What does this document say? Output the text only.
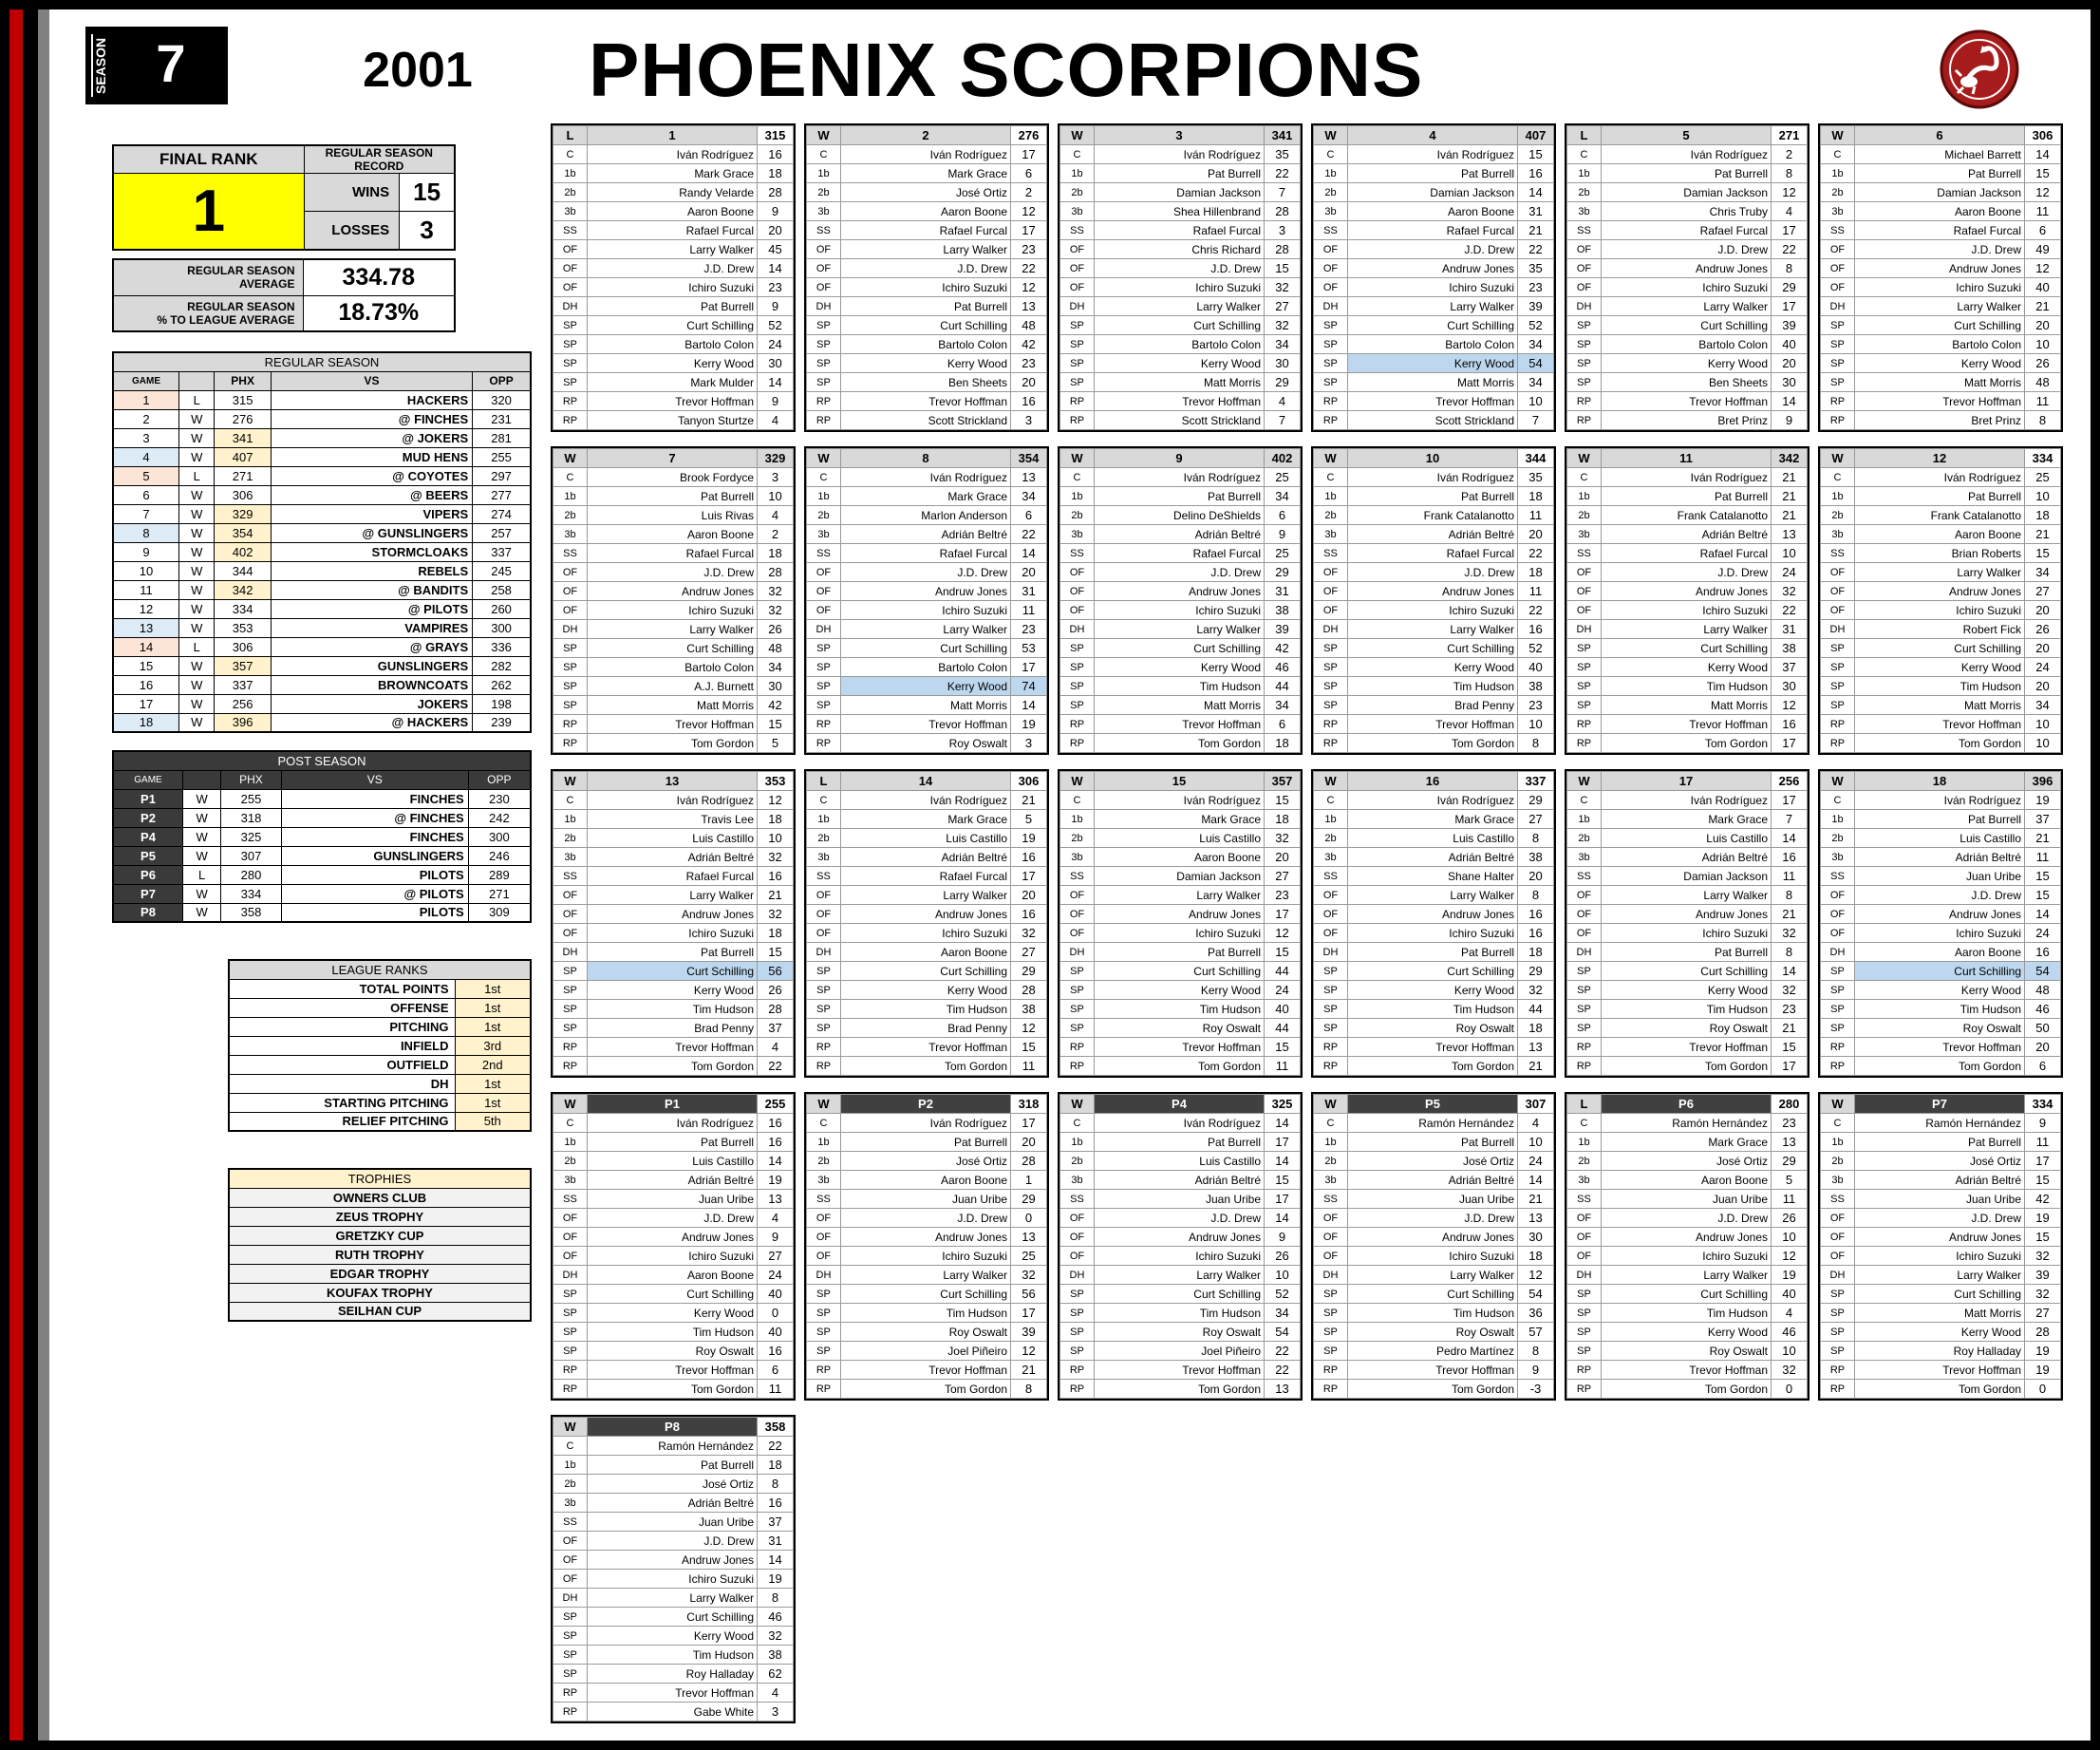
SEASON 7	2001	PHOENIX SCORPIONS
FINAL RANK	REGULAR SEASON RECORD	
1	WINS	15
	LOSSES	3
REGULAR SEASON
AVERAGE	334.78
REGULAR SEASON
% TO LEAGUE AVERAGE	18.73%
REGULAR SEASON				
GAME		PHX	VS	OPP
1	L	315	HACKERS	320
2	W	276	@ FINCHES	231
3	W	341	@ JOKERS	281
4	W	407	MUD HENS	255
5	L	271	@ COYOTES	297
6	W	306	@ BEERS	277
7	W	329	VIPERS	274
8	W	354	@ GUNSLINGERS	257
9	W	402	STORMCLOAKS	337
10	W	344	REBELS	245
11	W	342	@ BANDITS	258
12	W	334	@ PILOTS	260
13	W	353	VAMPIRES	300
14	L	306	@ GRAYS	336
15	W	357	GUNSLINGERS	282
16	W	337	BROWNCOATS	262
17	W	256	JOKERS	198
18	W	396	@ HACKERS	239
POST SEASON				
GAME		PHX	VS	OPP
P1	W	255	FINCHES	230
P2	W	318	@ FINCHES	242
P4	W	325	FINCHES	300
P5	W	307	GUNSLINGERS	246
P6	L	280	PILOTS	289
P7	W	334	@ PILOTS	271
P8	W	358	PILOTS	309
LEAGUE RANKS	
TOTAL POINTS	1st
OFFENSE	1st
PITCHING	1st
INFIELD	3rd
OUTFIELD	2nd
DH	1st
STARTING PITCHING	1st
RELIEF PITCHING	5th
TROPHIES
OWNERS CLUB
ZEUS TROPHY
GRETZKY CUP
RUTH TROPHY
EDGAR TROPHY
KOUFAX TROPHY
SEILHAN CUP
L	1	315
C	Iván Rodríguez	16
1b	Mark Grace	18
2b	Randy Velarde	28
3b	Aaron Boone	9
SS	Rafael Furcal	20
OF	Larry Walker	45
OF	J.D. Drew	14
OF	Ichiro Suzuki	23
DH	Pat Burrell	9
SP	Curt Schilling	52
SP	Bartolo Colon	24
SP	Kerry Wood	30
SP	Mark Mulder	14
RP	Trevor Hoffman	9
RP	Tanyon Sturtze	4
W	2	276
C	Iván Rodríguez	17
1b	Mark Grace	6
2b	José Ortiz	2
3b	Aaron Boone	12
SS	Rafael Furcal	17
OF	Larry Walker	23
OF	J.D. Drew	22
OF	Ichiro Suzuki	12
DH	Pat Burrell	13
SP	Curt Schilling	48
SP	Bartolo Colon	42
SP	Kerry Wood	23
SP	Ben Sheets	20
RP	Trevor Hoffman	16
RP	Scott Strickland	3
W	3	341
C	Iván Rodríguez	35
1b	Pat Burrell	22
2b	Damian Jackson	7
3b	Shea Hillenbrand	28
SS	Rafael Furcal	3
OF	Chris Richard	28
OF	J.D. Drew	15
OF	Ichiro Suzuki	32
DH	Larry Walker	27
SP	Curt Schilling	32
SP	Bartolo Colon	34
SP	Kerry Wood	30
SP	Matt Morris	29
RP	Trevor Hoffman	4
RP	Scott Strickland	7
W	4	407
C	Iván Rodríguez	15
1b	Pat Burrell	16
2b	Damian Jackson	14
3b	Aaron Boone	31
SS	Rafael Furcal	21
OF	J.D. Drew	22
OF	Andruw Jones	35
OF	Ichiro Suzuki	23
DH	Larry Walker	39
SP	Curt Schilling	52
SP	Bartolo Colon	34
SP	Kerry Wood	54
SP	Matt Morris	34
RP	Trevor Hoffman	10
RP	Scott Strickland	7
L	5	271
C	Iván Rodríguez	2
1b	Pat Burrell	8
2b	Damian Jackson	12
3b	Chris Truby	4
SS	Rafael Furcal	17
OF	J.D. Drew	22
OF	Andruw Jones	8
OF	Ichiro Suzuki	29
DH	Larry Walker	17
SP	Curt Schilling	39
SP	Bartolo Colon	40
SP	Kerry Wood	20
SP	Ben Sheets	30
RP	Trevor Hoffman	14
RP	Bret Prinz	9
W	6	306
C	Michael Barrett	14
1b	Pat Burrell	15
2b	Damian Jackson	12
3b	Aaron Boone	11
SS	Rafael Furcal	6
OF	J.D. Drew	49
OF	Andruw Jones	12
OF	Ichiro Suzuki	40
DH	Larry Walker	21
SP	Curt Schilling	20
SP	Bartolo Colon	10
SP	Kerry Wood	26
SP	Matt Morris	48
RP	Trevor Hoffman	11
RP	Bret Prinz	8
W	7	329
C	Brook Fordyce	3
1b	Pat Burrell	10
2b	Luis Rivas	4
3b	Aaron Boone	2
SS	Rafael Furcal	18
OF	J.D. Drew	28
OF	Andruw Jones	32
OF	Ichiro Suzuki	32
DH	Larry Walker	26
SP	Curt Schilling	48
SP	Bartolo Colon	34
SP	A.J. Burnett	30
SP	Matt Morris	42
RP	Trevor Hoffman	15
RP	Tom Gordon	5
W	8	354
C	Iván Rodríguez	13
1b	Mark Grace	34
2b	Marlon Anderson	6
3b	Adrián Beltré	22
SS	Rafael Furcal	14
OF	J.D. Drew	20
OF	Andruw Jones	31
OF	Ichiro Suzuki	11
DH	Larry Walker	23
SP	Curt Schilling	53
SP	Bartolo Colon	17
SP	Kerry Wood	74
SP	Matt Morris	14
RP	Trevor Hoffman	19
RP	Roy Oswalt	3
W	9	402
C	Iván Rodríguez	25
1b	Pat Burrell	34
2b	Delino DeShields	6
3b	Adrián Beltré	9
SS	Rafael Furcal	25
OF	J.D. Drew	29
OF	Andruw Jones	31
OF	Ichiro Suzuki	38
DH	Larry Walker	39
SP	Curt Schilling	42
SP	Kerry Wood	46
SP	Tim Hudson	44
SP	Matt Morris	34
RP	Trevor Hoffman	6
RP	Tom Gordon	18
W	10	344
C	Iván Rodríguez	35
1b	Pat Burrell	18
2b	Frank Catalanotto	11
3b	Adrián Beltré	20
SS	Rafael Furcal	22
OF	J.D. Drew	18
OF	Andruw Jones	11
OF	Ichiro Suzuki	22
DH	Larry Walker	16
SP	Curt Schilling	52
SP	Kerry Wood	40
SP	Tim Hudson	38
SP	Brad Penny	23
RP	Trevor Hoffman	10
RP	Tom Gordon	8
W	11	342
C	Iván Rodríguez	21
1b	Pat Burrell	21
2b	Frank Catalanotto	21
3b	Adrián Beltré	13
SS	Rafael Furcal	10
OF	J.D. Drew	24
OF	Andruw Jones	32
OF	Ichiro Suzuki	22
DH	Larry Walker	31
SP	Curt Schilling	38
SP	Kerry Wood	37
SP	Tim Hudson	30
SP	Matt Morris	12
RP	Trevor Hoffman	16
RP	Tom Gordon	17
W	12	334
C	Iván Rodríguez	25
1b	Pat Burrell	10
2b	Frank Catalanotto	18
3b	Aaron Boone	21
SS	Brian Roberts	15
OF	Larry Walker	34
OF	Andruw Jones	27
OF	Ichiro Suzuki	20
DH	Robert Fick	26
SP	Curt Schilling	20
SP	Kerry Wood	24
SP	Tim Hudson	20
SP	Matt Morris	34
RP	Trevor Hoffman	10
RP	Tom Gordon	10
W	13	353
C	Iván Rodríguez	12
1b	Travis Lee	18
2b	Luis Castillo	10
3b	Adrián Beltré	32
SS	Rafael Furcal	16
OF	Larry Walker	21
OF	Andruw Jones	32
OF	Ichiro Suzuki	18
DH	Pat Burrell	15
SP	Curt Schilling	56
SP	Kerry Wood	26
SP	Tim Hudson	28
SP	Brad Penny	37
RP	Trevor Hoffman	4
RP	Tom Gordon	22
L	14	306
C	Iván Rodríguez	21
1b	Mark Grace	5
2b	Luis Castillo	19
3b	Adrián Beltré	16
SS	Rafael Furcal	17
OF	Larry Walker	20
OF	Andruw Jones	16
OF	Ichiro Suzuki	32
DH	Aaron Boone	27
SP	Curt Schilling	29
SP	Kerry Wood	28
SP	Tim Hudson	38
SP	Brad Penny	12
RP	Trevor Hoffman	15
RP	Tom Gordon	11
W	15	357
C	Iván Rodríguez	15
1b	Mark Grace	18
2b	Luis Castillo	32
3b	Aaron Boone	20
SS	Damian Jackson	27
OF	Larry Walker	23
OF	Andruw Jones	17
OF	Ichiro Suzuki	12
DH	Pat Burrell	15
SP	Curt Schilling	44
SP	Kerry Wood	24
SP	Tim Hudson	40
SP	Roy Oswalt	44
RP	Trevor Hoffman	15
RP	Tom Gordon	11
W	16	337
C	Iván Rodríguez	29
1b	Mark Grace	27
2b	Luis Castillo	8
3b	Adrián Beltré	38
SS	Shane Halter	20
OF	Larry Walker	8
OF	Andruw Jones	16
OF	Ichiro Suzuki	16
DH	Pat Burrell	18
SP	Curt Schilling	29
SP	Kerry Wood	32
SP	Tim Hudson	44
SP	Roy Oswalt	18
RP	Trevor Hoffman	13
RP	Tom Gordon	21
W	17	256
C	Iván Rodríguez	17
1b	Mark Grace	7
2b	Luis Castillo	14
3b	Adrián Beltré	16
SS	Damian Jackson	11
OF	Larry Walker	8
OF	Andruw Jones	21
OF	Ichiro Suzuki	32
DH	Pat Burrell	8
SP	Curt Schilling	14
SP	Kerry Wood	32
SP	Tim Hudson	23
SP	Roy Oswalt	21
RP	Trevor Hoffman	15
RP	Tom Gordon	17
W	18	396
C	Iván Rodríguez	19
1b	Pat Burrell	37
2b	Luis Castillo	21
3b	Adrián Beltré	11
SS	Juan Uribe	15
OF	J.D. Drew	15
OF	Andruw Jones	14
OF	Ichiro Suzuki	24
DH	Aaron Boone	16
SP	Curt Schilling	54
SP	Kerry Wood	48
SP	Tim Hudson	46
SP	Roy Oswalt	50
RP	Trevor Hoffman	20
RP	Tom Gordon	6
W	P1	255
C	Iván Rodríguez	16
1b	Pat Burrell	16
2b	Luis Castillo	14
3b	Adrián Beltré	19
SS	Juan Uribe	13
OF	J.D. Drew	4
OF	Andruw Jones	9
OF	Ichiro Suzuki	27
DH	Aaron Boone	24
SP	Curt Schilling	40
SP	Kerry Wood	0
SP	Tim Hudson	40
SP	Roy Oswalt	16
RP	Trevor Hoffman	6
RP	Tom Gordon	11
W	P2	318
C	Iván Rodríguez	17
1b	Pat Burrell	20
2b	José Ortiz	28
3b	Aaron Boone	1
SS	Juan Uribe	29
OF	J.D. Drew	0
OF	Andruw Jones	13
OF	Ichiro Suzuki	25
DH	Larry Walker	32
SP	Curt Schilling	56
SP	Tim Hudson	17
SP	Roy Oswalt	39
SP	Joel Piñeiro	12
RP	Trevor Hoffman	21
RP	Tom Gordon	8
W	P4	325
C	Iván Rodríguez	14
1b	Pat Burrell	17
2b	Luis Castillo	14
3b	Adrián Beltré	15
SS	Juan Uribe	17
OF	J.D. Drew	14
OF	Andruw Jones	9
OF	Ichiro Suzuki	26
DH	Larry Walker	10
SP	Curt Schilling	52
SP	Tim Hudson	34
SP	Roy Oswalt	54
SP	Joel Piñeiro	22
RP	Trevor Hoffman	22
RP	Tom Gordon	13
W	P5	307
C	Ramón Hernández	4
1b	Pat Burrell	10
2b	José Ortiz	24
3b	Adrián Beltré	14
SS	Juan Uribe	21
OF	J.D. Drew	13
OF	Andruw Jones	30
OF	Ichiro Suzuki	18
DH	Larry Walker	12
SP	Curt Schilling	54
SP	Tim Hudson	36
SP	Roy Oswalt	57
SP	Pedro Martínez	8
RP	Trevor Hoffman	9
RP	Tom Gordon	-3
L	P6	280
C	Ramón Hernández	23
1b	Mark Grace	13
2b	José Ortiz	29
3b	Aaron Boone	5
SS	Juan Uribe	11
OF	J.D. Drew	26
OF	Andruw Jones	10
OF	Ichiro Suzuki	12
DH	Larry Walker	19
SP	Curt Schilling	40
SP	Tim Hudson	4
SP	Kerry Wood	46
SP	Roy Oswalt	10
RP	Trevor Hoffman	32
RP	Tom Gordon	0
W	P7	334
C	Ramón Hernández	9
1b	Pat Burrell	11
2b	José Ortiz	17
3b	Adrián Beltré	15
SS	Juan Uribe	42
OF	J.D. Drew	19
OF	Andruw Jones	15
OF	Ichiro Suzuki	32
DH	Larry Walker	39
SP	Curt Schilling	32
SP	Matt Morris	27
SP	Kerry Wood	28
SP	Roy Halladay	19
RP	Trevor Hoffman	19
RP	Tom Gordon	0
W	P8	358
C	Ramón Hernández	22
1b	Pat Burrell	18
2b	José Ortiz	8
3b	Adrián Beltré	16
SS	Juan Uribe	37
OF	J.D. Drew	31
OF	Andruw Jones	14
OF	Ichiro Suzuki	19
DH	Larry Walker	8
SP	Curt Schilling	46
SP	Kerry Wood	32
SP	Tim Hudson	38
SP	Roy Halladay	62
RP	Trevor Hoffman	4
RP	Gabe White	3
